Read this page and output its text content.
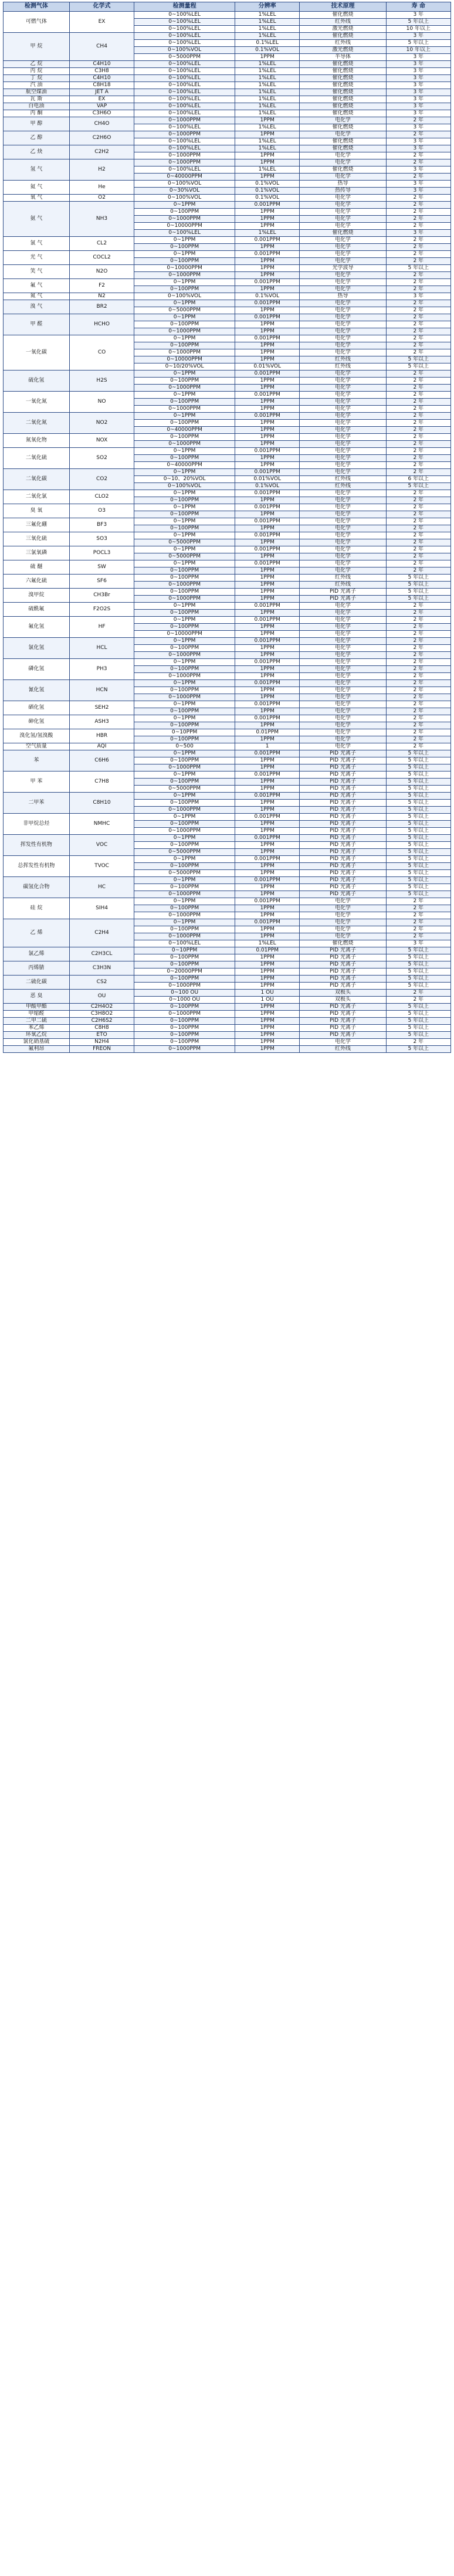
检测气体	化学式	检测量程	分辨率	技术原理	寿 命
可燃气体	EX	0~100%LEL	1%LEL	催化燃烧	3 年
		0~100%LEL	1%LEL	红外线	5 年以上
		0~100%LEL	1%LEL	激光燃烧	10 年以上
甲 烷	CH4	0~100%LEL	1%LEL	催化燃烧	3 年
		0~100%LEL	0.1%LEL	红外线	5 年以上
		0~100%VOL	0.1%VOL	激光燃烧	10 年以上
		0~5000PPM	1PPM	半导体	3 年
乙 烷	C4H10	0~100%LEL	1%LEL	催化燃烧	3 年
丙 烷	C3H8	0~100%LEL	1%LEL	催化燃烧	3 年
丁 烷	C4H10	0~100%LEL	1%LEL	催化燃烧	3 年
汽 油	C8H18	0~100%LEL	1%LEL	催化燃烧	3 年
航空煤油	JET A	0~100%LEL	1%LEL	催化燃烧	3 年
瓦 斯	EX	0~100%LEL	1%LEL	催化燃烧	3 年
白电油	VAP	0~100%LEL	1%LEL	催化燃烧	3 年
丙 酮	C3H6O	0~100%LEL	1%LEL	催化燃烧	3 年
甲 醇	CH4O	0~1000PPM	1PPM	电化学	2 年
		0~100%LEL	1%LEL	催化燃烧	3 年
乙 醇	C2H6O	0~1000PPM	1PPM	电化学	2 年
		0~100%LEL	1%LEL	催化燃烧	3 年
乙 炔	C2H2	0~100%LEL	1%LEL	催化燃烧	3 年
		0~1000PPM	1PPM	电化学	2 年
氢 气	H2	0~1000PPM	1PPM	电化学	2 年
		0~100%LEL	1%LEL	催化燃烧	3 年
		0~40000PPM	1PPM	电化学	2 年
氦 气	He	0~100%VOL	0.1%VOL	热导	3 年
		0~30%VOL	0.1%VOL	热传导	3 年
氧 气	O2	0~100%VOL	0.1%VOL	电化学	2 年
氨 气	NH3	0~1PPM	0.001PPM	电化学	2 年
		0~100PPM	1PPM	电化学	2 年
		0~1000PPM	1PPM	电化学	2 年
		0~10000PPM	1PPM	电化学	2 年
		0~100%LEL	1%LEL	催化燃烧	3 年
氯 气	CL2	0~1PPM	0.001PPM	电化学	2 年
		0~100PPM	1PPM	电化学	2 年
光 气	COCL2	0~1PPM	0.001PPM	电化学	2 年
		0~100PPM	1PPM	电化学	2 年
笑 气	N2O	0~10000PPM	1PPM	光学波导	5 年以上
		0~1000PPM	1PPM	电化学	2 年
氟 气	F2	0~1PPM	0.001PPM	电化学	2 年
		0~100PPM	1PPM	电化学	2 年
氮 气	N2	0~100%VOL	0.1%VOL	热导	3 年
溴 气	BR2	0~1PPM	0.001PPM	电化学	2 年
		0~5000PPM	1PPM	电化学	2 年
甲 醛	HCHO	0~1PPM	0.001PPM	电化学	2 年
		0~100PPM	1PPM	电化学	2 年
		0~1000PPM	1PPM	电化学	2 年
一氧化碳	CO	0~1PPM	0.001PPM	电化学	2 年
		0~100PPM	1PPM	电化学	2 年
		0~1000PPM	1PPM	电化学	2 年
		0~10000PPM	1PPM	红外线	5 年以上
		0~10/20%VOL	0.01%VOL	红外线	5 年以上
硫化氢	H2S	0~1PPM	0.001PPM	电化学	2 年
		0~100PPM	1PPM	电化学	2 年
		0~1000PPM	1PPM	电化学	2 年
一氧化氮	NO	0~1PPM	0.001PPM	电化学	2 年
		0~100PPM	1PPM	电化学	2 年
		0~1000PPM	1PPM	电化学	2 年
二氧化氮	NO2	0~1PPM	0.001PPM	电化学	2 年
		0~100PPM	1PPM	电化学	2 年
		0~40000PPM	1PPM	电化学	2 年
氮氧化物	NOX	0~100PPM	1PPM	电化学	2 年
		0~1000PPM	1PPM	电化学	2 年
二氧化硫	SO2	0~1PPM	0.001PPM	电化学	2 年
		0~100PPM	1PPM	电化学	2 年
		0~40000PPM	1PPM	电化学	2 年
二氧化碳	CO2	0~1PPM	0.001PPM	电化学	2 年
		0~10、20%VOL	0.01%VOL	红外线	6 年以上
		0~100%VOL	0.1%VOL	红外线	5 年以上
二氧化氯	CLO2	0~1PPM	0.001PPM	电化学	2 年
		0~100PPM	1PPM	电化学	2 年
臭 氧	O3	0~1PPM	0.001PPM	电化学	2 年
		0~100PPM	1PPM	电化学	2 年
三氟化硼	BF3	0~1PPM	0.001PPM	电化学	2 年
		0~100PPM	1PPM	电化学	2 年
三氧化硫	SO3	0~1PPM	0.001PPM	电化学	2 年
		0~5000PPM	1PPM	电化学	2 年
三氯氧磷	POCL3	0~1PPM	0.001PPM	电化学	2 年
		0~5000PPM	1PPM	电化学	2 年
硫 醚	SW	0~1PPM	0.001PPM	电化学	2 年
		0~100PPM	1PPM	电化学	2 年
六氟化硫	SF6	0~100PPM	1PPM	红外线	5 年以上
		0~1000PPM	1PPM	红外线	5 年以上
溴甲烷	CH3Br	0~100PPM	1PPM	PID 光离子	5 年以上
		0~1000PPM	1PPM	PID 光离子	5 年以上
硫酰氟	F2O2S	0~1PPM	0.001PPM	电化学	2 年
		0~100PPM	1PPM	电化学	2 年
氟化氢	HF	0~1PPM	0.001PPM	电化学	2 年
		0~100PPM	1PPM	电化学	2 年
		0~10000PPM	1PPM	电化学	2 年
氯化氢	HCL	0~1PPM	0.001PPM	电化学	2 年
		0~100PPM	1PPM	电化学	2 年
		0~1000PPM	1PPM	电化学	2 年
磷化氢	PH3	0~1PPM	0.001PPM	电化学	2 年
		0~100PPM	1PPM	电化学	2 年
		0~1000PPM	1PPM	电化学	2 年
氰化氢	HCN	0~1PPM	0.001PPM	电化学	2 年
		0~100PPM	1PPM	电化学	2 年
		0~1000PPM	1PPM	电化学	2 年
硒化氢	SEH2	0~1PPM	0.001PPM	电化学	2 年
		0~100PPM	1PPM	电化学	2 年
砷化氢	ASH3	0~1PPM	0.001PPM	电化学	2 年
		0~100PPM	1PPM	电化学	2 年
溴化氢/氢溴酸	HBR	0~10PPM	0.01PPM	电化学	2 年
		0~100PPM	1PPM	电化学	2 年
空气质量	AQI	0~500	1	电化学	2 年
苯	C6H6	0~1PPM	0.001PPM	PID 光离子	5 年以上
		0~100PPM	1PPM	PID 光离子	5 年以上
		0~1000PPM	1PPM	PID 光离子	5 年以上
甲 苯	C7H8	0~1PPM	0.001PPM	PID 光离子	5 年以上
		0~100PPM	1PPM	PID 光离子	5 年以上
		0~5000PPM	1PPM	PID 光离子	5 年以上
二甲苯	C8H10	0~1PPM	0.001PPM	PID 光离子	5 年以上
		0~100PPM	1PPM	PID 光离子	5 年以上
		0~1000PPM	1PPM	PID 光离子	5 年以上
非甲烷总烃	NMHC	0~1PPM	0.001PPM	PID 光离子	5 年以上
		0~100PPM	1PPM	PID 光离子	5 年以上
		0~1000PPM	1PPM	PID 光离子	5 年以上
挥发性有机物	VOC	0~1PPM	0.001PPM	PID 光离子	5 年以上
		0~100PPM	1PPM	PID 光离子	5 年以上
		0~5000PPM	1PPM	PID 光离子	5 年以上
总挥发性有机物	TVOC	0~1PPM	0.001PPM	PID 光离子	5 年以上
		0~100PPM	1PPM	PID 光离子	5 年以上
		0~5000PPM	1PPM	PID 光离子	5 年以上
碳氢化合物	HC	0~1PPM	0.001PPM	PID 光离子	5 年以上
		0~100PPM	1PPM	PID 光离子	5 年以上
		0~1000PPM	1PPM	PID 光离子	5 年以上
硅 烷	SIH4	0~1PPM	0.001PPM	电化学	2 年
		0~100PPM	1PPM	电化学	2 年
		0~1000PPM	1PPM	电化学	2 年
乙 烯	C2H4	0~1PPM	0.001PPM	电化学	2 年
		0~100PPM	1PPM	电化学	2 年
		0~1000PPM	1PPM	电化学	2 年
		0~100%LEL	1%LEL	催化燃烧	3 年
氯乙烯	C2H3CL	0~10PPM	0.01PPM	PID 光离子	5 年以上
		0~100PPM	1PPM	PID 光离子	5 年以上
丙烯腈	C3H3N	0~100PPM	1PPM	PID 光离子	5 年以上
		0~20000PPM	1PPM	PID 光离子	5 年以上
二硫化碳	CS2	0~100PPM	1PPM	PID 光离子	5 年以上
		0~1000PPM	1PPM	PID 光离子	5 年以上
恶 臭	OU	0~100 OU	1 OU	双极头	2 年
		0~1000 OU	1 OU	双极头	2 年
甲酸甲酯	C2H4O2	0~100PPM	1PPM	PID 光离子	5 年以上
甲缩醛	C3H8O2	0~1000PPM	1PPM	PID 光离子	5 年以上
二甲二硫	C2H6S2	0~100PPM	1PPM	PID 光离子	5 年以上
苯乙烯	C8H8	0~100PPM	1PPM	PID 光离子	5 年以上
环氧乙烷	ETO	0~100PPM	1PPM	PID 光离子	5 年以上
氯化硝基硫	N2H4	0~100PPM	1PPM	电化学	2 年
氟利昂	FREON	0~1000PPM	1PPM	红外线	5 年以上
